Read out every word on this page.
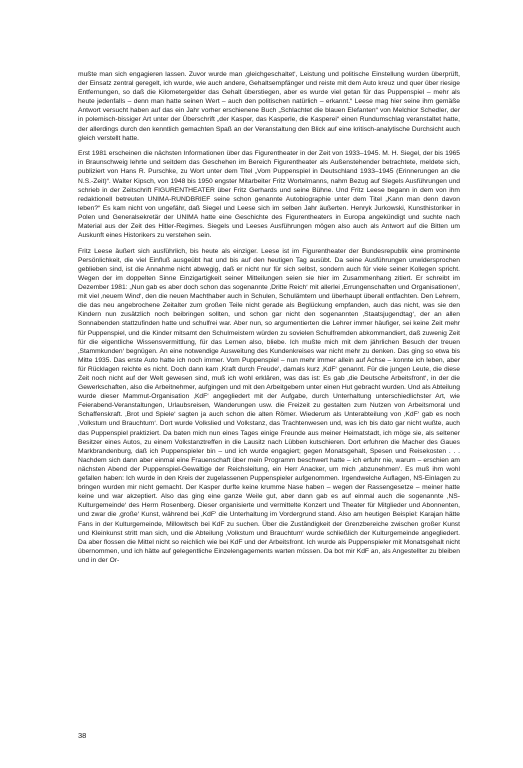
mußte man sich engagieren lassen. Zuvor wurde man ‚gleichgeschaltet‘, Leistung und politische Einstellung wurden überprüft, der Einsatz zentral geregelt, ich wurde, wie auch andere, Gehaltsempfänger und reiste mit dem Auto kreuz und quer über riesige Entfernungen, so daß die Kilometergelder das Gehalt überstiegen, aber es wurde viel getan für das Puppenspiel – mehr als heute jedenfalls – denn man hatte seinen Wert – auch den politischen natürlich – erkannt.“ Leese mag hier seine ihm gemäße Antwort versucht haben auf das ein Jahr vorher erschienene Buch „Schlachtet die blauen Elefanten“ von Melchior Schedler, der in polemisch-bissiger Art unter der Überschrift „der Kasper, das Kasperle, die Kasperei“ einen Rundumschlag veranstaltet hatte, der allerdings durch den kenntlich gemachten Spaß an der Veranstaltung den Blick auf eine kritisch-analytische Durchsicht auch gleich verstellt hatte.

Erst 1981 erscheinen die nächsten Informationen über das Figurentheater in der Zeit von 1933–1945. M. H. Siegel, der bis 1965 in Braunschweig lehrte und seitdem das Geschehen im Bereich Figurentheater als Außenstehender betrachtete, meldete sich, publiziert von Hans R. Purschke, zu Wort unter dem Titel „Vom Puppenspiel in Deutschland 1933–1945 (Erinnerungen an die N.S.-Zeit)“. Walter Kipsch, von 1948 bis 1950 engster Mitarbeiter Fritz Wortelmanns, nahm Bezug auf Siegels Ausführungen und schrieb in der Zeitschrift FIGURENTHEATER über Fritz Gerhards und seine Bühne. Und Fritz Leese begann in dem von ihm redaktionell betreuten UNIMA-RUNDBRIEF seine schon genannte Autobiographie unter dem Titel „Kann man denn davon leben?“ Es kam nicht von ungefähr, daß Siegel und Leese sich im selben Jahr äußerten. Henryk Jurkowski, Kunsthistoriker in Polen und Generalsekretär der UNIMA hatte eine Geschichte des Figurentheaters in Europa angekündigt und suchte nach Material aus der Zeit des Hitler-Regimes. Siegels und Leeses Ausführungen mögen also auch als Antwort auf die Bitten um Auskunft eines Historikers zu verstehen sein.

Fritz Leese äußert sich ausführlich, bis heute als einziger. Leese ist im Figurentheater der Bundesrepublik eine prominente Persönlichkeit, die viel Einfluß ausgeübt hat und bis auf den heutigen Tag ausübt. Da seine Ausführungen unwidersprochen geblieben sind, ist die Annahme nicht abwegig, daß er nicht nur für sich selbst, sondern auch für viele seiner Kollegen spricht. Wegen der im doppelten Sinne Einzigartigkeit seiner Mitteilungen seien sie hier im Zusammenhang zitiert. Er schreibt im Dezember 1981: „Nun gab es aber doch schon das sogenannte ‚Dritte Reich‘ mit allerlei ‚Errungenschaften und Organisationen‘, mit viel ‚neuem Wind‘, den die neuen Machthaber auch in Schulen, Schulämtern und überhaupt überall entfachten. Den Lehrern, die das neu angebrochene Zeitalter zum großen Teile nicht gerade als Beglückung empfanden, auch das nicht, was sie den Kindern nun zusätzlich noch beibringen sollten, und schon gar nicht den sogenannten ‚Staatsjugendtag‘, der an allen Sonnabenden stattzufinden hatte und schulfrei war. Aber nun, so argumentierten die Lehrer immer häufiger, sei keine Zeit mehr für Puppenspiel, und die Kinder mitsamt den Schulmeistern würden zu sovielen Schulfremden abkommandiert, daß zuwenig Zeit für die eigentliche Wissensvermittlung, für das Lernen also, bliebe. Ich mußte mich mit dem jährlichen Besuch der treuen ‚Stammkunden‘ begnügen. An eine notwendige Ausweitung des Kundenkreises war nicht mehr zu denken. Das ging so etwa bis Mitte 1935. Das erste Auto hatte ich noch immer. Vom Puppenspiel – nun mehr immer allein auf Achse – konnte ich leben, aber für Rücklagen reichte es nicht. Doch dann kam ‚Kraft durch Freude‘, damals kurz ‚KdF‘ genannt. Für die jungen Leute, die diese Zeit noch nicht auf der Welt gewesen sind, muß ich wohl erklären, was das ist: Es gab ‚die Deutsche Arbeitsfront‘, in der die Gewerkschaften, also die Arbeitnehmer, aufgingen und mit den Arbeitgebern unter einen Hut gebracht wurden. Und als Abteilung wurde dieser Mammut-Organisation ‚KdF‘ angegliedert mit der Aufgabe, durch Unterhaltung unterschiedlichster Art, wie Feierabend-Veranstaltungen, Urlaubsreisen, Wanderungen usw. die Freizeit zu gestalten zum Nutzen von Arbeitsmoral und Schaffenskraft. ‚Brot und Spiele‘ sagten ja auch schon die alten Römer. Wiederum als Unterabteilung von ‚KdF‘ gab es noch ‚Volkstum und Brauchtum‘. Dort wurde Volkslied und Volkstanz, das Trachtenwesen und, was ich bis dato gar nicht wußte, auch das Puppenspiel praktiziert. Da baten mich nun eines Tages einige Freunde aus meiner Heimatstadt, ich möge sie, als seltener Besitzer eines Autos, zu einem Volkstanztreffen in die Lausitz nach Lübben kutschieren. Dort erfuhren die Macher des Gaues Markbrandenburg, daß ich Puppenspieler bin – und ich wurde engagiert; gegen Monatsgehalt, Spesen und Reisekosten . . . Nachdem sich dann aber einmal eine Frauenschaft über mein Programm beschwert hatte – ich erfuhr nie, warum – erschien am nächsten Abend der Puppenspiel-Gewaltige der Reichsleitung, ein Herr Anacker, um mich ‚abzunehmen‘. Es muß ihm wohl gefallen haben: Ich wurde in den Kreis der zugelassenen Puppenspieler aufgenommen. Irgendwelche Auflagen, NS-Einlagen zu bringen wurden mir nicht gemacht. Der Kasper durfte keine krumme Nase haben – wegen der Rassengesetze – meiner hatte keine und war akzeptiert. Also das ging eine ganze Weile gut, aber dann gab es auf einmal auch die sogenannte ‚NS-Kulturgemeinde‘ des Herrn Rosenberg. Dieser organisierte und vermittelte Konzert und Theater für Mitglieder und Abonnenten, und zwar die ‚große‘ Kunst, während bei ‚KdF‘ die Unterhaltung im Vordergrund stand. Also am heutigen Beispiel: Karajan hätte Fans in der Kulturgemeinde, Millowitsch bei KdF zu suchen. Über die Zuständigkeit der Grenzbereiche zwischen großer Kunst und Kleinkunst stritt man sich, und die Abteilung ‚Volkstum und Brauchtum‘ wurde schließlich der Kulturgemeinde angegliedert. Da aber flossen die Mittel nicht so reichlich wie bei KdF und der Arbeitsfront. Ich wurde als Puppenspieler mit Monatsgehalt nicht übernommen, und ich hätte auf gelegentliche Einzelengagements warten müssen. Da bot mir KdF an, als Angestellter zu bleiben und in der Or-

38
